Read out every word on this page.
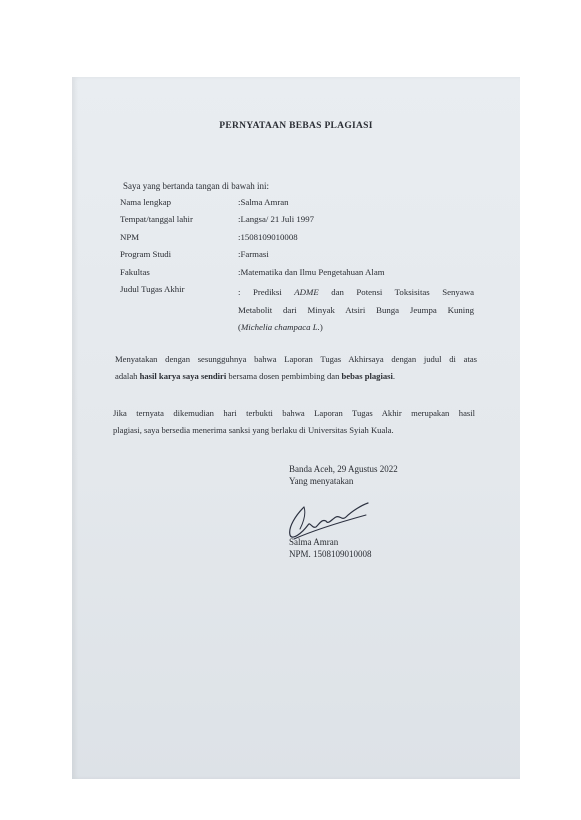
PERNYATAAN BEBAS PLAGIASI
Saya yang bertanda tangan di bawah ini:
Nama lengkap	:Salma Amran
Tempat/tanggal lahir	:Langsa/ 21 Juli 1997
NPM	:1508109010008
Program Studi	:Farmasi
Fakultas	:Matematika dan Ilmu Pengetahuan Alam
Judul Tugas Akhir	: Prediksi ADME dan Potensi Toksisitas Senyawa
Metabolit dari Minyak Atsiri Bunga Jeumpa Kuning
(Michelia champaca L.)
Menyatakan dengan sesungguhnya bahwa Laporan Tugas Akhirsaya dengan judul di atas
adalah hasil karya saya sendiri bersama dosen pembimbing dan bebas plagiasi.
Jika ternyata dikemudian hari terbukti bahwa Laporan Tugas Akhir merupakan hasil
plagiasi, saya bersedia menerima sanksi yang berlaku di Universitas Syiah Kuala.
Banda Aceh, 29 Agustus 2022
Yang menyatakan
Salma Amran
NPM. 1508109010008
